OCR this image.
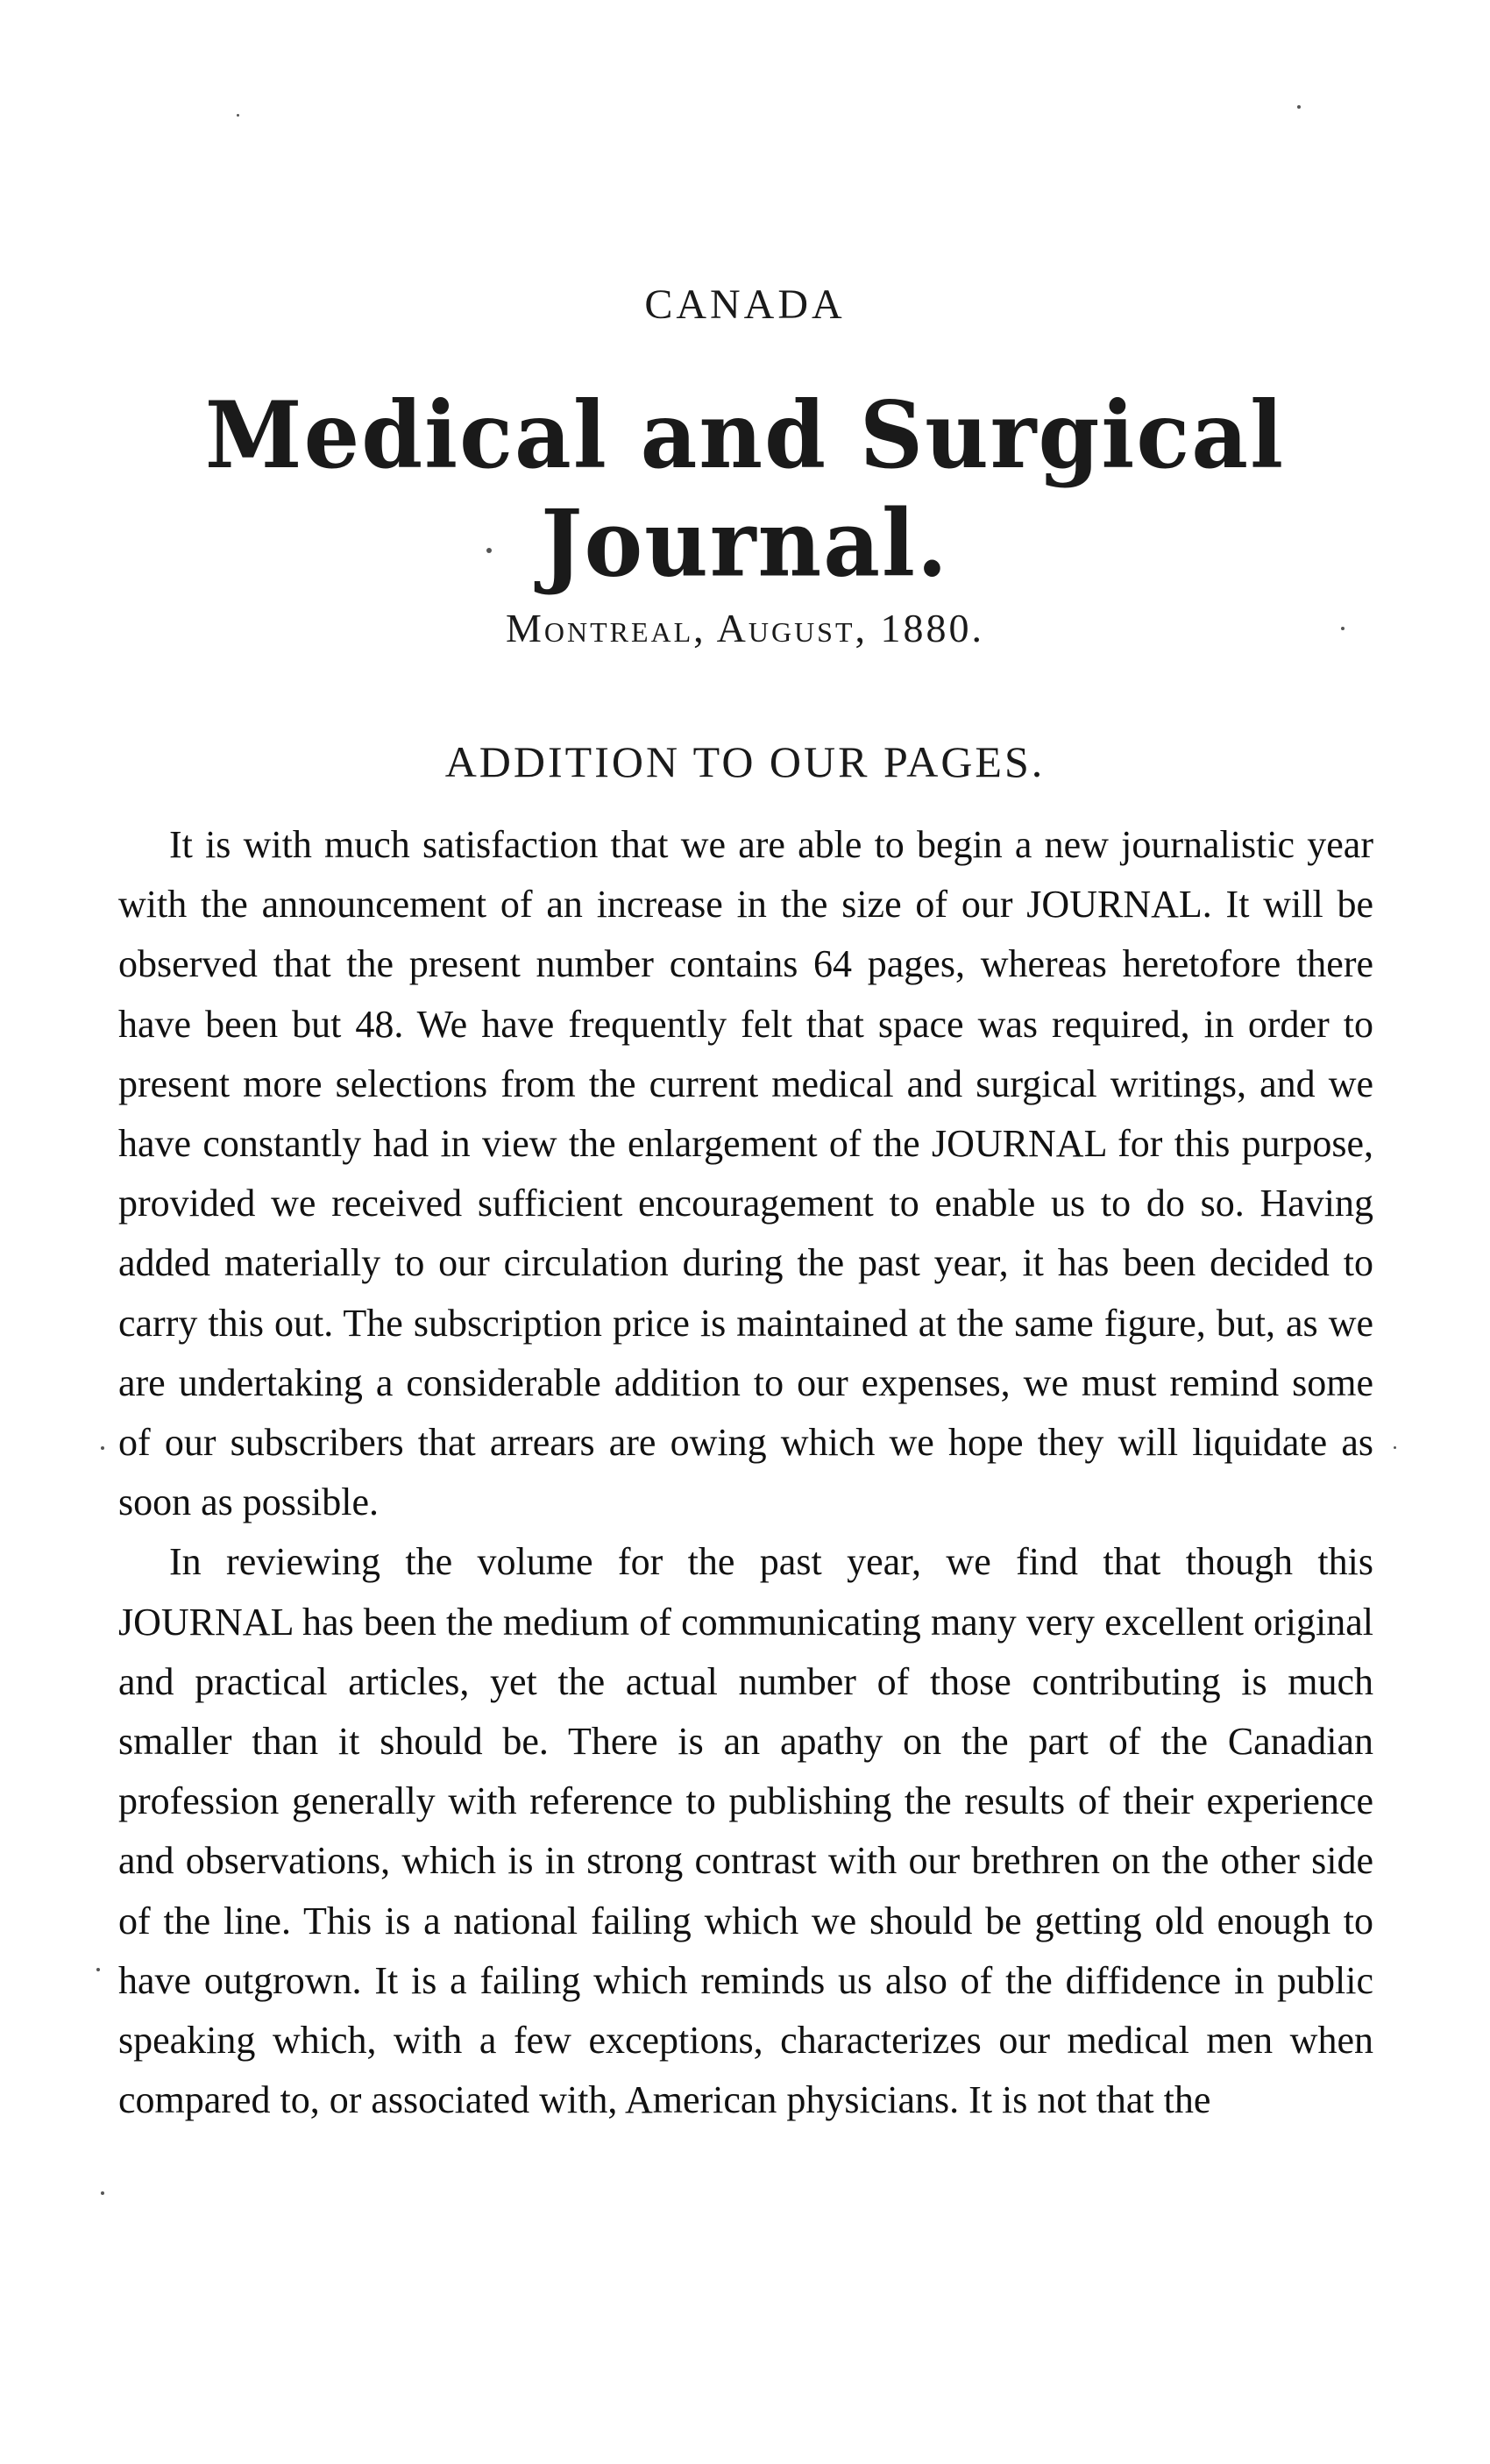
CANADA
Medical and Surgical Journal.
Montreal, August, 1880.
ADDITION TO OUR PAGES.

It is with much satisfaction that we are able to begin a new journalistic year with the announcement of an increase in the size of our JOURNAL. It will be observed that the present number contains 64 pages, whereas heretofore there have been but 48. We have frequently felt that space was required, in order to present more selections from the current medical and surgical writings, and we have constantly had in view the enlargement of the JOURNAL for this purpose, provided we received sufficient encouragement to enable us to do so. Having added materially to our circulation during the past year, it has been decided to carry this out. The subscription price is maintained at the same figure, but, as we are undertaking a considerable addition to our expenses, we must remind some of our subscribers that arrears are owing which we hope they will liquidate as soon as possible.

In reviewing the volume for the past year, we find that though this JOURNAL has been the medium of communicating many very excellent original and practical articles, yet the actual number of those contributing is much smaller than it should be. There is an apathy on the part of the Canadian profession generally with reference to publishing the results of their experience and observations, which is in strong contrast with our brethren on the other side of the line. This is a national failing which we should be getting old enough to have outgrown. It is a failing which reminds us also of the diffidence in public speaking which, with a few exceptions, characterizes our medical men when compared to, or associated with, American physicians. It is not that the
